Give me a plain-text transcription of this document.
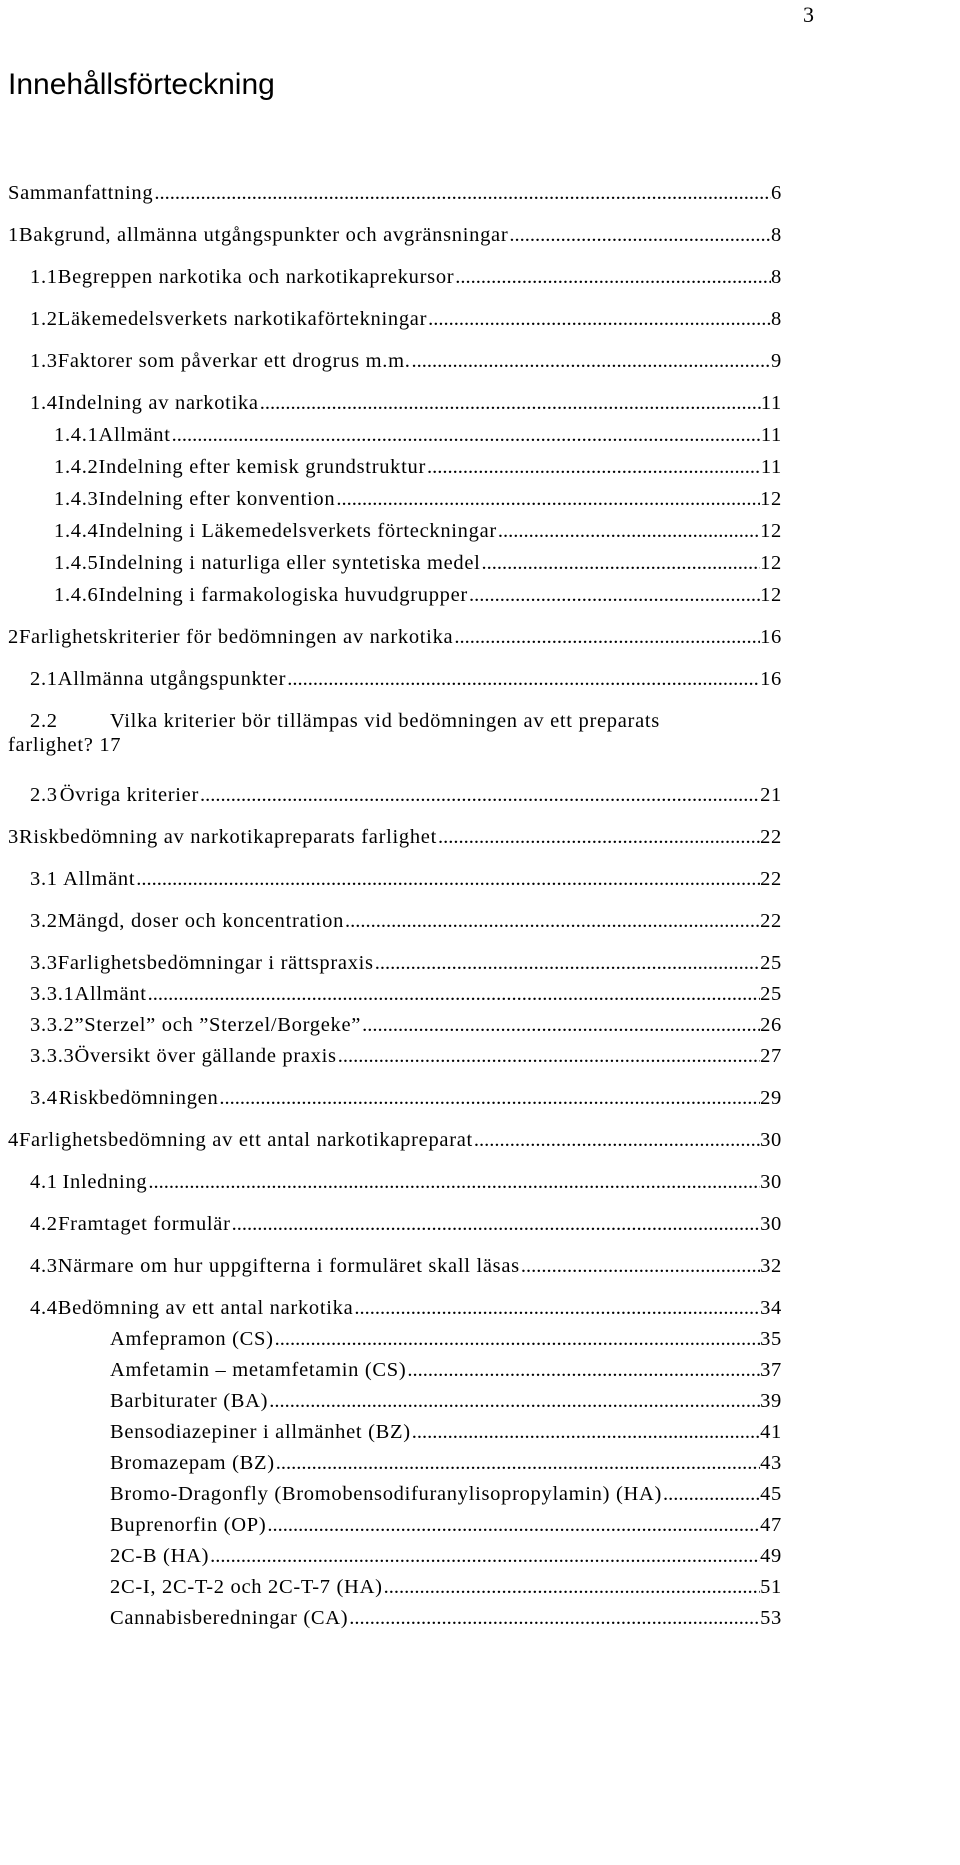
3
Innehållsförteckning
Sammanfattning .....	6
1 Bakgrund, allmänna utgångspunkter och avgränsningar .....	8
1.1 Begreppen narkotika och narkotikaprekursor .....	8
1.2 Läkemedelsverkets narkotikaförtekningar .....	8
1.3 Faktorer som påverkar ett drogrus m.m. .....	9
1.4 Indelning av narkotika .....	11
1.4.1 Allmänt .....	11
1.4.2 Indelning efter kemisk grundstruktur .....	11
1.4.3 Indelning efter konvention .....	12
1.4.4 Indelning i Läkemedelsverkets förteckningar .....	12
1.4.5 Indelning i naturliga eller syntetiska medel .....	12
1.4.6 Indelning i farmakologiska huvudgrupper .....	12
2 Farlighetskriterier för bedömningen av narkotika .....	16
2.1 Allmänna utgångspunkter .....	16
2.2	Vilka kriterier bör tillämpas vid bedömningen av ett preparats
farlighet? 17
2.3 Övriga kriterier .....	21
3 Riskbedömning av narkotikapreparats farlighet .....	22
3.1 Allmänt .....	22
3.2 Mängd, doser och koncentration .....	22
3.3 Farlighetsbedömningar i rättspraxis .....	25
3.3.1 Allmänt .....	25
3.3.2 ”Sterzel” och ”Sterzel/Borgeke” .....	26
3.3.3 Översikt över gällande praxis .....	27
3.4 Riskbedömningen .....	29
4 Farlighetsbedömning av ett antal narkotikapreparat .....	30
4.1 Inledning .....	30
4.2 Framtaget formulär .....	30
4.3 Närmare om hur uppgifterna i formuläret skall läsas .....	32
4.4 Bedömning av ett antal narkotika .....	34
Amfepramon (CS) .....	35
Amfetamin – metamfetamin (CS) .....	37
Barbiturater (BA) .....	39
Bensodiazepiner i allmänhet (BZ) .....	41
Bromazepam (BZ) .....	43
Bromo-Dragonfly (Bromobensodifuranylisopropylamin) (HA) .....	45
Buprenorfin (OP) .....	47
2C-B (HA) .....	49
2C-I, 2C-T-2 och 2C-T-7 (HA) .....	51
Cannabisberedningar (CA) .....	53
